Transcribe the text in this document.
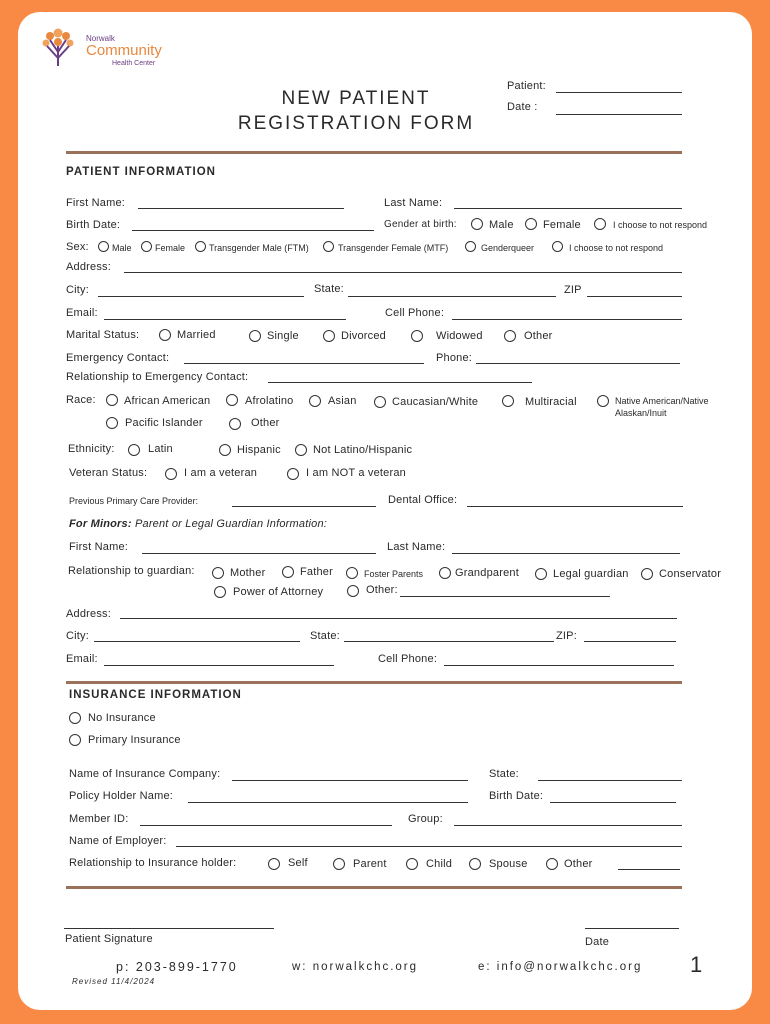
Norwalk
Community
Health Center
NEW PATIENT
REGISTRATION FORM
Patient:
Date :
PATIENT INFORMATION
First Name:	Last Name:
Birth Date:	Gender at birth:	Male	Female	I choose to not respond
Sex:	Male	Female	Transgender Male (FTM)	Transgender Female (MTF)	Genderqueer	I choose to not respond
Address:
City:	State:	ZIP
Email:	Cell Phone:
Marital Status:	Married	Single	Divorced	Widowed	Other
Emergency Contact:	Phone:
Relationship to Emergency Contact:
Race:	African American	Afrolatino	Asian	Caucasian/White	Multiracial	Native American/Native
Alaskan/Inuit
Pacific Islander	Other
Ethnicity:	Latin	Hispanic	Not Latino/Hispanic
Veteran Status:	I am a veteran	I am NOT a veteran
Previous Primary Care Provider:	Dental Office:
For Minors: Parent or Legal Guardian Information:
First Name:	Last Name:
Relationship to guardian:	Mother	Father	Foster Parents	Grandparent	Legal guardian	Conservator
Power of Attorney	Other:
Address:
City:	State:	ZIP:
Email:	Cell Phone:
INSURANCE INFORMATION
No Insurance
Primary Insurance
Name of Insurance Company:	State:
Policy Holder Name:	Birth Date:
Member ID:	Group:
Name of Employer:
Relationship to Insurance holder:	Self	Parent	Child	Spouse	Other
Patient Signature	Date
p: 203-899-1770	w: norwalkchc.org	e: info@norwalkchc.org
Revised 11/4/2024
1
